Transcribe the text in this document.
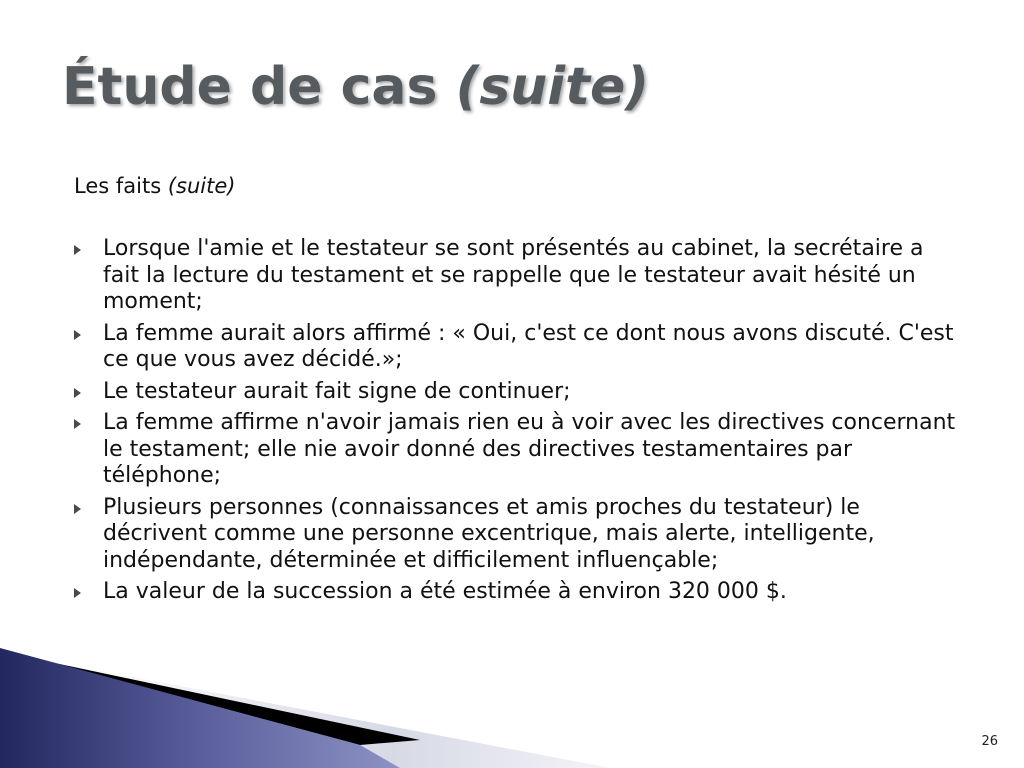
Étude de cas (suite)
Les faits (suite)
Lorsque l'amie et le testateur se sont présentés au cabinet, la secrétaire a fait la lecture du testament et se rappelle que le testateur avait hésité un moment;
La femme aurait alors affirmé : « Oui, c'est ce dont nous avons discuté. C'est ce que vous avez décidé.»;
Le testateur aurait fait signe de continuer;
La femme affirme n'avoir jamais rien eu à voir avec les directives concernant le testament; elle nie avoir donné des directives testamentaires par téléphone;
Plusieurs personnes (connaissances et amis proches du testateur) le décrivent comme une personne excentrique, mais alerte, intelligente, indépendante, déterminée et difficilement influençable;
La valeur de la succession a été estimée à environ 320 000 $.
26
